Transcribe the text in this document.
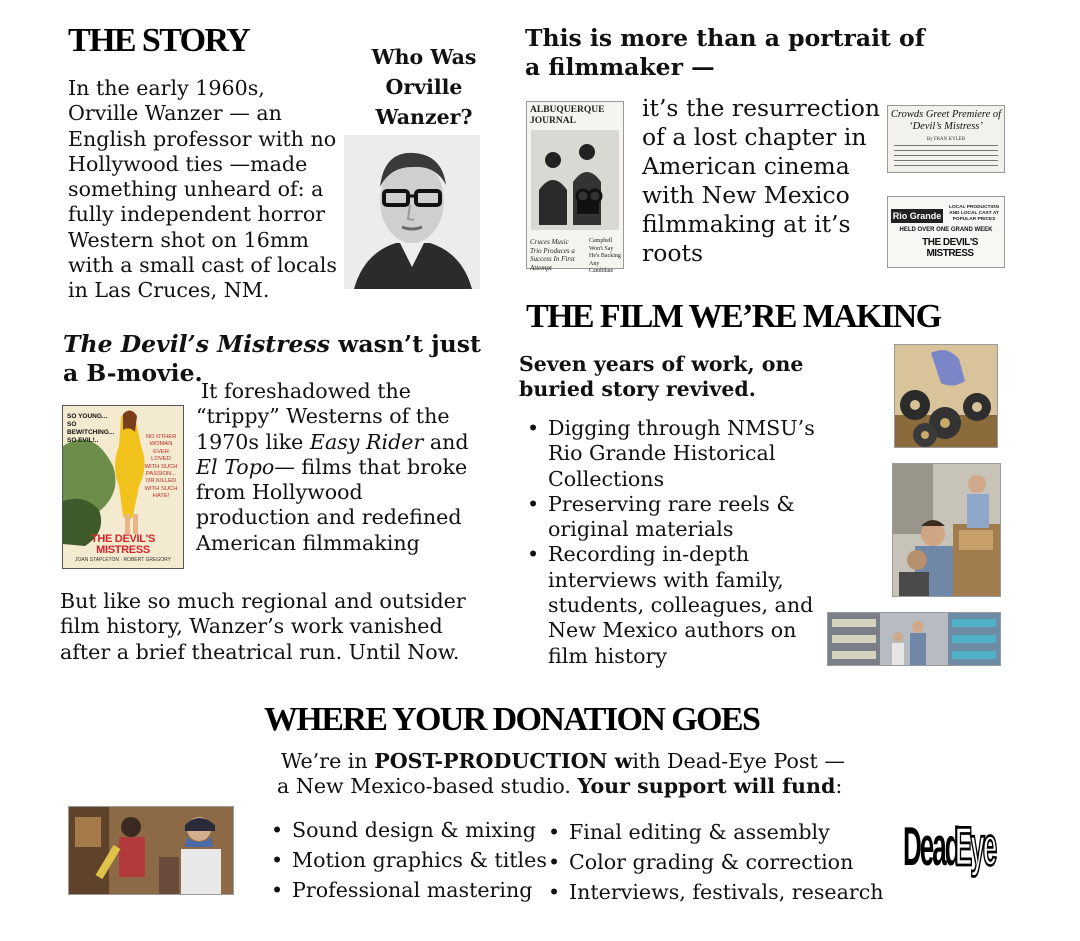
THE STORY
In the early 1960s, Orville Wanzer — an English professor with no Hollywood ties —made something unheard of: a fully independent horror Western shot on 16mm with a small cast of locals in Las Cruces, NM.
Who Was Orville Wanzer?
The Devil’s Mistress wasn’t just a B-movie.
It foreshadowed the “trippy” Westerns of the 1970s like Easy Rider and El Topo— films that broke from Hollywood production and redefined American filmmaking
SO YOUNG... SO BEWITCHING... SO EVIL!..	NO OTHER WOMAN EVER LOVED WITH SUCH PASSION... OR KILLED WITH SUCH HATE!
THE DEVIL'S MISTRESS
JOAN STAPLETON · ROBERT GREGORY
But like so much regional and outsider film history, Wanzer’s work vanished after a brief theatrical run. Until Now.
This is more than a portrait of a filmmaker —
ALBUQUERQUE JOURNAL
Cruces Music Trio Produces a Success In First Attempt
Campbell Won't Say He's Backing Any Candidate
it’s the resurrection of a lost chapter in American cinema with New Mexico filmmaking at it’s roots
Crowds Greet Premiere of ‘Devil’s Mistress’
By FRAN KYLER
Rio Grande
LOCAL PRODUCTION AND LOCAL CAST AT POPULAR PRICES
HELD OVER ONE GRAND WEEK
THE DEVIL'S MISTRESS
THE FILM WE’RE MAKING
Seven years of work, one buried story revived.
• Digging through NMSU’s Rio Grande Historical Collections
• Preserving rare reels & original materials
• Recording in-depth interviews with family, students, colleagues, and New Mexico authors on film history
WHERE YOUR DONATION GOES
We’re in POST-PRODUCTION with Dead-Eye Post —
a New Mexico-based studio. Your support will fund:
• Sound design & mixing
• Motion graphics & titles
• Professional mastering
• Final editing & assembly
• Color grading & correction
• Interviews, festivals, research
Dead
Eye
